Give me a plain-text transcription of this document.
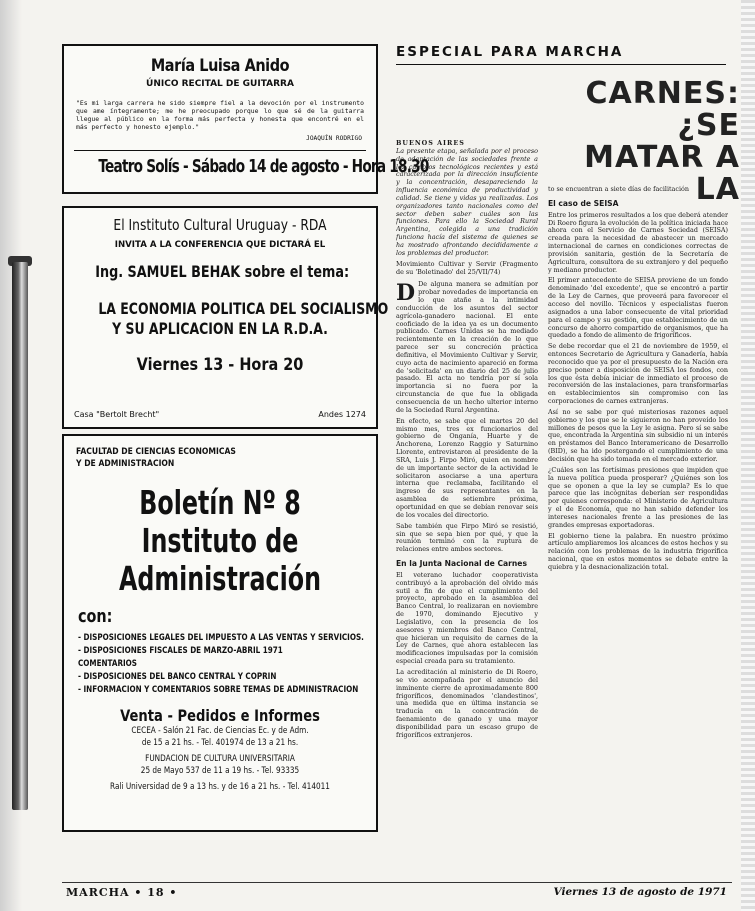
María Luisa Anido
ÚNICO RECITAL DE GUITARRA
"Es mi larga carrera he sido siempre fiel a la devoción por el instrumento que ame íntegramente; me he preocupado porque lo que sé de la guitarra llegue al público en la forma más perfecta y honesta que encontré en el más perfecto y honesto ejemplo."
JOAQUÍN RODRIGO
Teatro Solís - Sábado 14 de agosto - Hora 18.30
El Instituto Cultural Uruguay - RDA
INVITA A LA CONFERENCIA QUE DICTARÁ EL
Ing. SAMUEL BEHAK sobre el tema:
LA ECONOMIA POLITICA DEL SOCIALISMO
Y SU APLICACION EN LA R.D.A.
Viernes 13 - Hora 20
Casa "Bertolt Brecht"	Andes 1274
FACULTAD DE CIENCIAS ECONOMICAS
Y DE ADMINISTRACION
Boletín Nº 8
Instituto de
Administración
con:
- DISPOSICIONES LEGALES DEL IMPUESTO A LAS VENTAS Y SERVICIOS.
- DISPOSICIONES FISCALES DE MARZO-ABRIL 1971
COMENTARIOS
- DISPOSICIONES DEL BANCO CENTRAL Y COPRIN
- INFORMACION Y COMENTARIOS SOBRE TEMAS DE ADMINISTRACION
Venta - Pedidos e Informes
CECEA - Salón 21 Fac. de Ciencias Ec. y de Adm.
de 15 a 21 hs. - Tel. 401974 de 13 a 21 hs.
FUNDACION DE CULTURA UNIVERSITARIA
25 de Mayo 537 de 11 a 19 hs. - Tel. 93335
Rali Universidad de 9 a 13 hs. y de 16 a 21 hs. - Tel. 414011
ESPECIAL PARA MARCHA
CARNES: ¿SE
MATAR A LA
BUENOS AIRES
La presente etapa, señalada por el proceso de adaptación de las sociedades frente a los cambios tecnológicos recientes y está caracterizada por la dirección insuficiente y la concentración, desapareciendo la influencia económica de productividad y calidad. Se tiene y vidas ya realizadas. Los organizadores tanto nacionales como del sector deben saber cuáles son las funciones. Para ello la Sociedad Rural Argentina, colegida a una tradición funciona hacía del sistema de quienes se ha mostrado afrontando decididamente a los problemas del productor.
Movimiento Cultivar y Servir (Fragmento de su 'Boletinado' del 25/VII/74)
D De alguna manera se admitían por probar novedades de importancia en lo que atañe a la intimidad conducción de los asuntos del sector agrícola-ganadero nacional. El ente cooficiado de la idea ya es un documento publicado. Carnes Unidas se ha mediado recientemente en la creación de lo que parece ser su concreción práctica definitiva, el Movimiento Cultivar y Servir, cuyo acta de nacimiento apareció en forma de 'solicitada' en un diario del 25 de julio pasado. El acta no tendría por sí sola importancia si no fuera por la circunstancia de que fue la obligada consecuencia de un hecho ulterior interno de la Sociedad Rural Argentina.
En efecto, se sabe que el martes 20 del mismo mes, tres ex funcionarios del gobierno de Onganía, Huarte y de Anchorena, Lorenzo Raggio y Saturnino Llorente, entrevistaron al presidente de la SRA, Luis J. Firpo Miró, quien en nombre de un importante sector de la actividad le solicitaron asociarse a una apertura interna que reclamaba, facilitando el ingreso de sus representantes en la asamblea de setiembre próxima, oportunidad en que se debían renovar seis de los vocales del directorio.
Sabe también que Firpo Miró se resistió, sin que se sepa bien por qué, y que la reunión terminó con la ruptura de relaciones entre ambos sectores.
En la Junta Nacional de Carnes
El veterano luchador cooperativista contribuyó a la aprobación del olvido más sutil a fin de que el cumplimiento del proyecto, aprobado en la asamblea del Banco Central, lo realizaran en noviembre de 1970, dominando Ejecutivo y Legislativo, con la presencia de los asesores y miembros del Banco Central, que hicieran un requisito de carnes de la Ley de Carnes, que ahora establecen las modificaciones impulsadas por la comisión especial creada para su tratamiento.
La acreditación al ministerio de Di Roero, se vio acompañada por el anuncio del inminente cierre de aproximadamente 800 frigoríficos, denominados 'clandestinos', una medida que en última instancia se traducía en la concentración de faenamiento de ganado y una mayor disponibilidad para un escaso grupo de frigoríficos extranjeros.
to se encuentran a siete días de facilitación
El caso de SEISA
Entre los primeros resultados a los que deberá atender Di Roero figura la evolución de la política iniciada hace ahora con el Servicio de Carnes Sociedad (SEISA) creada para la necesidad de abastecer un mercado internacional de carnes en condiciones correctas de provisión sanitaria, gestión de la Secretaría de Agricultura, consultora de su extranjero y del pequeño y mediano productor.
El primer antecedente de SEISA proviene de un fondo denominado 'del excedente', que se encontró a partir de la Ley de Carnes, que proveerá para favorecer el acceso del novillo. Técnicos y especialistas fueron asignados a una labor consecuente de vital prioridad para el campo y su gestión, que establecimiento de un concurso de ahorro compartido de organismos, que ha quedado a fondo de alimento de frigoríficos.
Se debe recordar que el 21 de noviembre de 1959, el entonces Secretario de Agricultura y Ganadería, había reconocido que ya por el presupuesto de la Nación era preciso poner a disposición de SEISA los fondos, con los que ésta debía iniciar de inmediato el proceso de reconversión de las instalaciones, para transformarlas en establecimientos sin compromiso con las corporaciones de carnes extranjeras.
Así no se sabe por qué misteriosas razones aquel gobierno y los que se le siguieron no han proveído los millones de pesos que la Ley le asigna. Pero sí se sabe que, encontrada la Argentina sin subsidio ni un interés en préstamos del Banco Interamericano de Desarrollo (BID), se ha ido postergando el cumplimiento de una decisión que ha sido tomada en el mercado exterior.
¿Cuáles son las fortísimas presiones que impiden que la nueva política pueda prosperar? ¿Quiénes son los que se oponen a que la ley se cumpla? Es lo que parece que las incógnitas deberían ser respondidas por quienes corresponda: el Ministerio de Agricultura y el de Economía, que no han sabido defender los intereses nacionales frente a las presiones de las grandes empresas exportadoras.
El gobierno tiene la palabra. En nuestro próximo artículo ampliaremos los alcances de estos hechos y su relación con los problemas de la industria frigorífica nacional, que en estos momentos se debate entre la quiebra y la desnacionalización total.
MARCHA • 18 •	Viernes 13 de agosto de 1971
